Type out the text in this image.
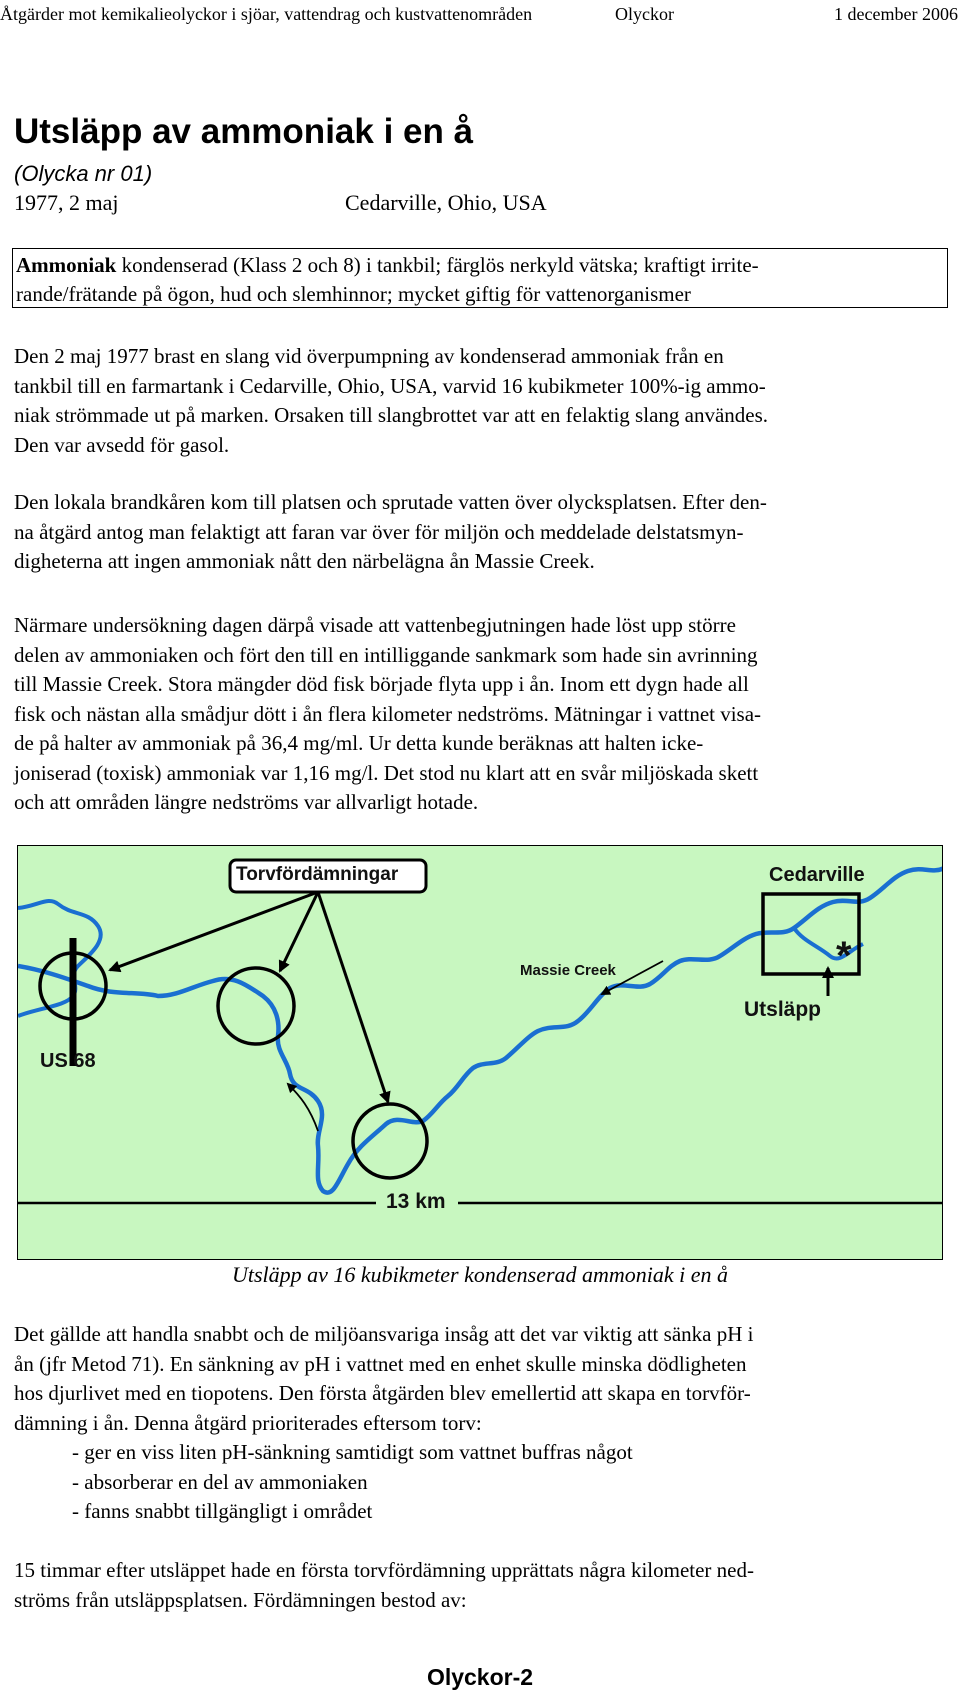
Åtgärder mot kemikalieolyckor i sjöar, vattendrag och kustvattenområden	Olyckor	1 december 2006
Utsläpp av ammoniak i en å
(Olycka nr 01)
1977, 2 maj	Cedarville, Ohio, USA
Ammoniak kondenserad (Klass 2 och 8) i tankbil; färglös nerkyld vätska; kraftigt irrite-
rande/frätande på ögon, hud och slemhinnor; mycket giftig för vattenorganismer

Den 2 maj 1977 brast en slang vid överpumpning av kondenserad ammoniak från en
tankbil till en farmartank i Cedarville, Ohio, USA, varvid 16 kubikmeter 100%-ig ammo-
niak strömmade ut på marken. Orsaken till slangbrottet var att en felaktig slang användes.
Den var avsedd för gasol.

Den lokala brandkåren kom till platsen och sprutade vatten över olycksplatsen. Efter den-
na åtgärd antog man felaktigt att faran var över för miljön och meddelade delstatsmyn-
digheterna att ingen ammoniak nått den närbelägna ån Massie Creek.

Närmare undersökning dagen därpå visade att vattenbegjutningen hade löst upp större
delen av ammoniaken och fört den till en intilliggande sankmark som hade sin avrinning
till Massie Creek. Stora mängder död fisk började flyta upp i ån. Inom ett dygn hade all
fisk och nästan alla smådjur dött i ån flera kilometer nedströms. Mätningar i vattnet visa-
de på halter av ammoniak på 36,4 mg/ml. Ur detta kunde beräknas att halten icke-
joniserad (toxisk) ammoniak var 1,16 mg/l. Det stod nu klart att en svår miljöskada skett
och att områden längre nedströms var allvarligt hotade.

Torvfördämningar	Cedarville
*
Massie Creek
Utsläpp
US 68
13 km
Utsläpp av 16 kubikmeter kondenserad ammoniak i en å

Det gällde att handla snabbt och de miljöansvariga insåg att det var viktig att sänka pH i
ån (jfr Metod 71). En sänkning av pH i vattnet med en enhet skulle minska dödligheten
hos djurlivet med en tiopotens. Den första åtgärden blev emellertid att skapa en torvför-
dämning i ån. Denna åtgärd prioriterades eftersom torv:
- ger en viss liten pH-sänkning samtidigt som vattnet buffras något
- absorberar en del av ammoniaken
- fanns snabbt tillgängligt i området

15 timmar efter utsläppet hade en första torvfördämning upprättats några kilometer ned-
ströms från utsläppsplatsen. Fördämningen bestod av:

Olyckor-2
